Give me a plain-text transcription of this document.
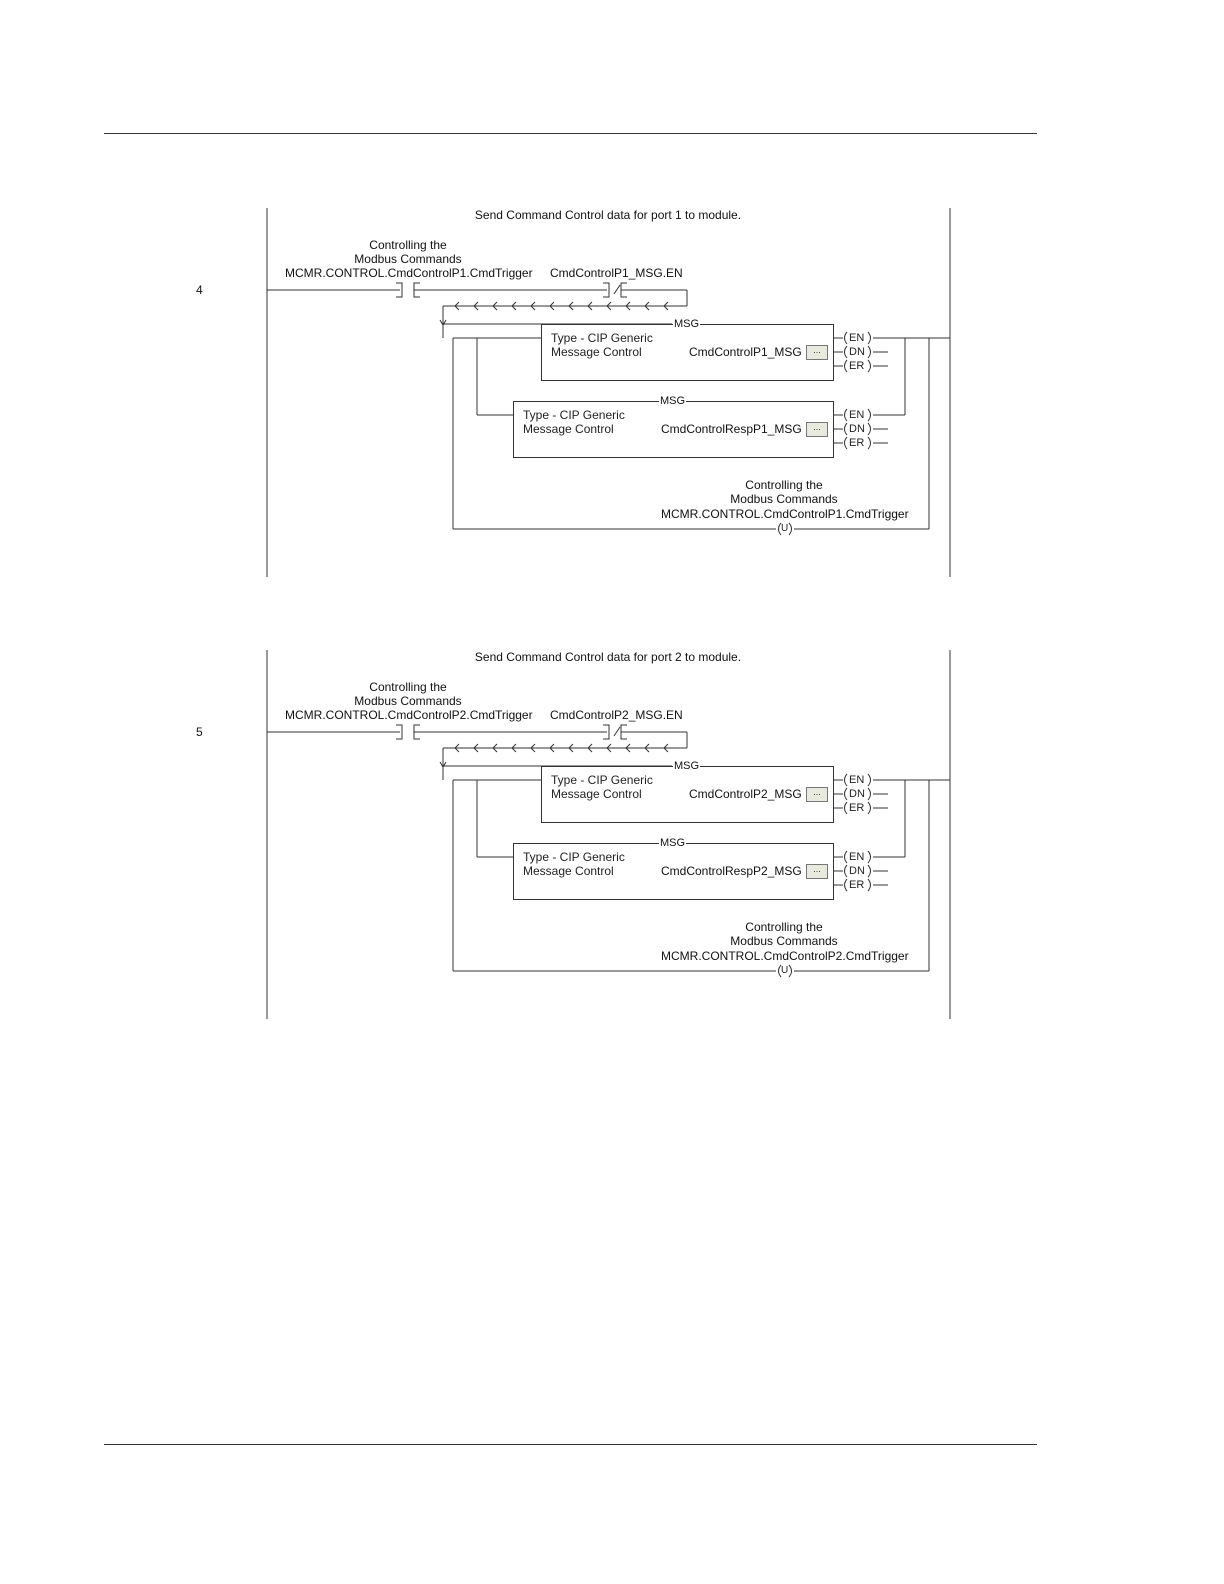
4
Send Command Control data for port 1 to module.
Controlling the
Modbus Commands
MCMR.CONTROL.CmdControlP1.CmdTrigger CmdControlP1_MSG.EN
Type - CIP Generic
Message Control	CmdControlP1_MSG	...
MSG
Type - CIP Generic
Message Control	CmdControlRespP1_MSG	...
MSG
EN
DN
ER
EN
DN
ER
Controlling the
Modbus Commands
MCMR.CONTROL.CmdControlP1.CmdTrigger
U
5
Send Command Control data for port 2 to module.
Controlling the
Modbus Commands
MCMR.CONTROL.CmdControlP2.CmdTrigger CmdControlP2_MSG.EN
Type - CIP Generic
Message Control	CmdControlP2_MSG	...
MSG
Type - CIP Generic
Message Control	CmdControlRespP2_MSG	...
MSG
EN
DN
ER
EN
DN
ER
Controlling the
Modbus Commands
MCMR.CONTROL.CmdControlP2.CmdTrigger
U
